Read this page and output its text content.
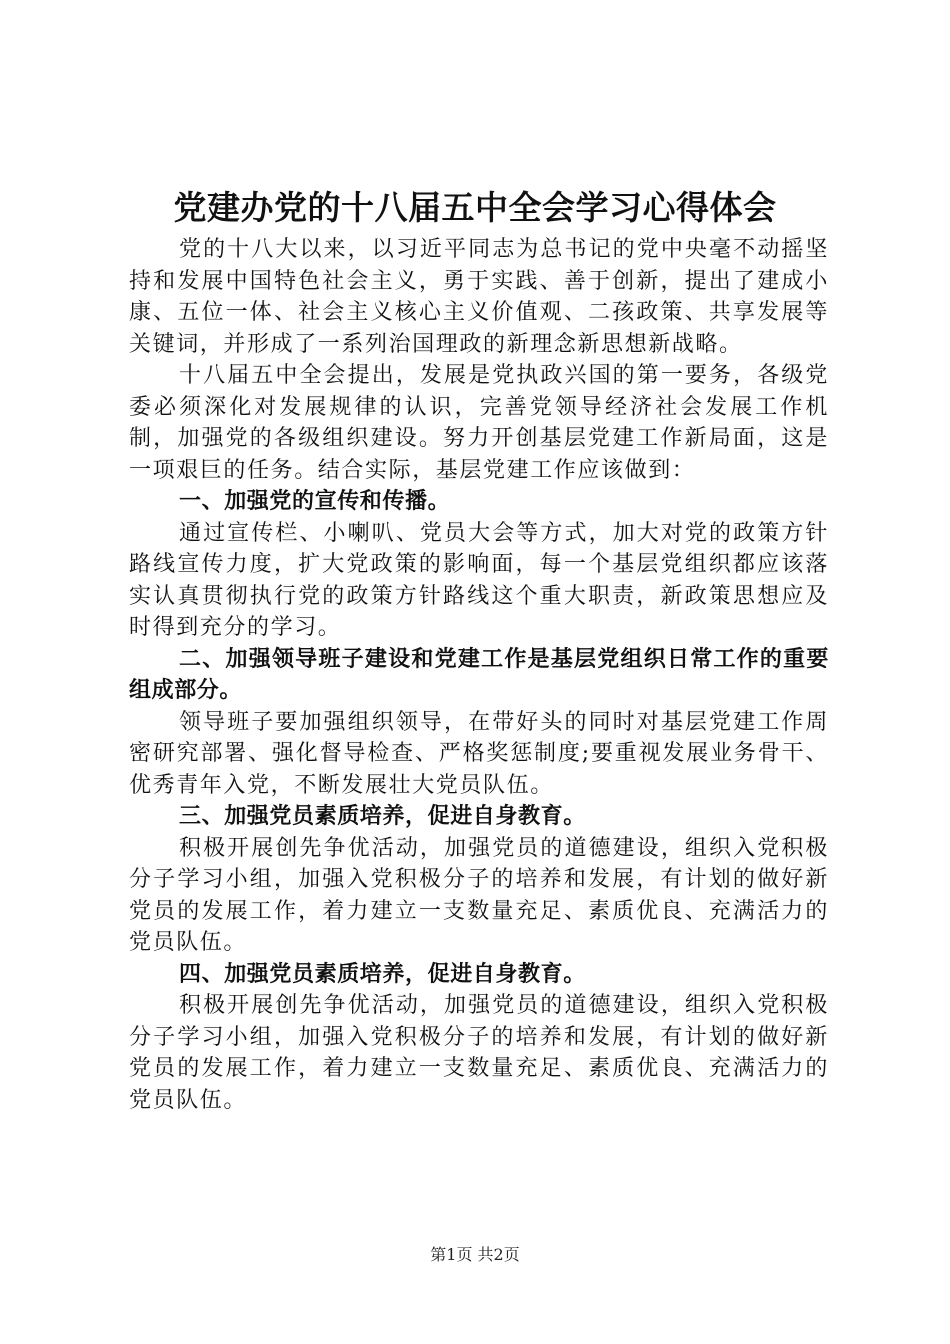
党建办党的十八届五中全会学习心得体会

党的十八大以来，以习近平同志为总书记的党中央毫不动摇坚持和发展中国特色社会主义，勇于实践、善于创新，提出了建成小康、五位一体、社会主义核心主义价值观、二孩政策、共享发展等关键词，并形成了一系列治国理政的新理念新思想新战略。

十八届五中全会提出，发展是党执政兴国的第一要务，各级党委必须深化对发展规律的认识，完善党领导经济社会发展工作机制，加强党的各级组织建设。努力开创基层党建工作新局面，这是一项艰巨的任务。结合实际，基层党建工作应该做到：

一、加强党的宣传和传播。

通过宣传栏、小喇叭、党员大会等方式，加大对党的政策方针路线宣传力度，扩大党政策的影响面，每一个基层党组织都应该落实认真贯彻执行党的政策方针路线这个重大职责，新政策思想应及时得到充分的学习。

二、加强领导班子建设和党建工作是基层党组织日常工作的重要组成部分。

领导班子要加强组织领导，在带好头的同时对基层党建工作周密研究部署、强化督导检查、严格奖惩制度;要重视发展业务骨干、优秀青年入党，不断发展壮大党员队伍。

三、加强党员素质培养，促进自身教育。

积极开展创先争优活动，加强党员的道德建设，组织入党积极分子学习小组，加强入党积极分子的培养和发展，有计划的做好新党员的发展工作，着力建立一支数量充足、素质优良、充满活力的党员队伍。

四、加强党员素质培养，促进自身教育。

积极开展创先争优活动，加强党员的道德建设，组织入党积极分子学习小组，加强入党积极分子的培养和发展，有计划的做好新党员的发展工作，着力建立一支数量充足、素质优良、充满活力的党员队伍。

第1页 共2页
